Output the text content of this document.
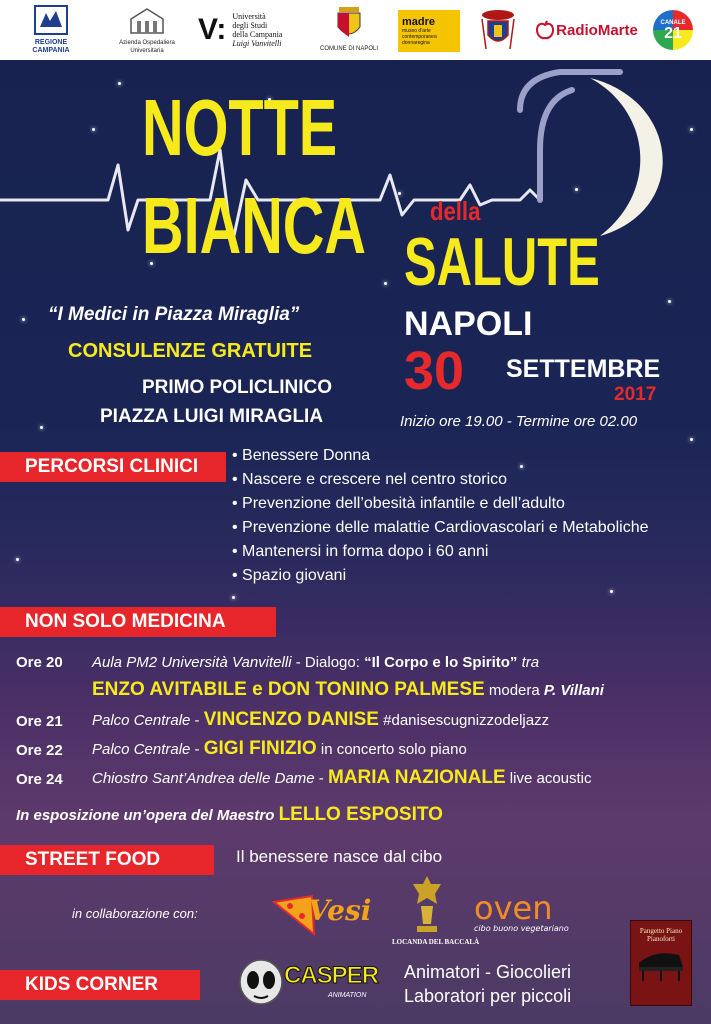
REGIONE CAMPANIA
Azienda Ospedaliera Universitaria
V: Università
degli Studi
della Campania
Luigi Vanvitelli
COMUNE DI NAPOLI
madre
museo d'arte contemporanea donnaregina
RadioMarte	CANALE
21
NOTTE
BIANCA	della
SALUTE
“I Medici in Piazza Miraglia”
CONSULENZE GRATUITE
PRIMO POLICLINICO
PIAZZA LUIGI MIRAGLIA
NAPOLI
30 SETTEMBRE
2017
Inizio ore 19.00 - Termine ore 02.00
PERCORSI CLINICI
• Benessere Donna
• Nascere e crescere nel centro storico
• Prevenzione dell’obesità infantile e dell’adulto
• Prevenzione delle malattie Cardiovascolari e Metaboliche
• Mantenersi in forma dopo i 60 anni
• Spazio giovani
NON SOLO MEDICINA
Ore 20 Aula PM2 Università Vanvitelli - Dialogo: “Il Corpo e lo Spirito” tra
ENZO AVITABILE e DON TONINO PALMESE modera P. Villani
Ore 21 Palco Centrale - VINCENZO DANISE #danisescugnizzodeljazz
Ore 22 Palco Centrale - GIGI FINIZIO in concerto solo piano
Ore 24 Chiostro Sant’Andrea delle Dame - MARIA NAZIONALE live acoustic
In esposizione un’opera del Maestro LELLO ESPOSITO
STREET FOOD	Il benessere nasce dal cibo
in collaborazione con:	Vesi
LOCANDA DEL BACCALÀ
oven
cibo buono vegetariano	Pangetto Piano
Pianoforti
KIDS CORNER	CASPER
ANIMATION
Animatori - Giocolieri
Laboratori per piccoli
